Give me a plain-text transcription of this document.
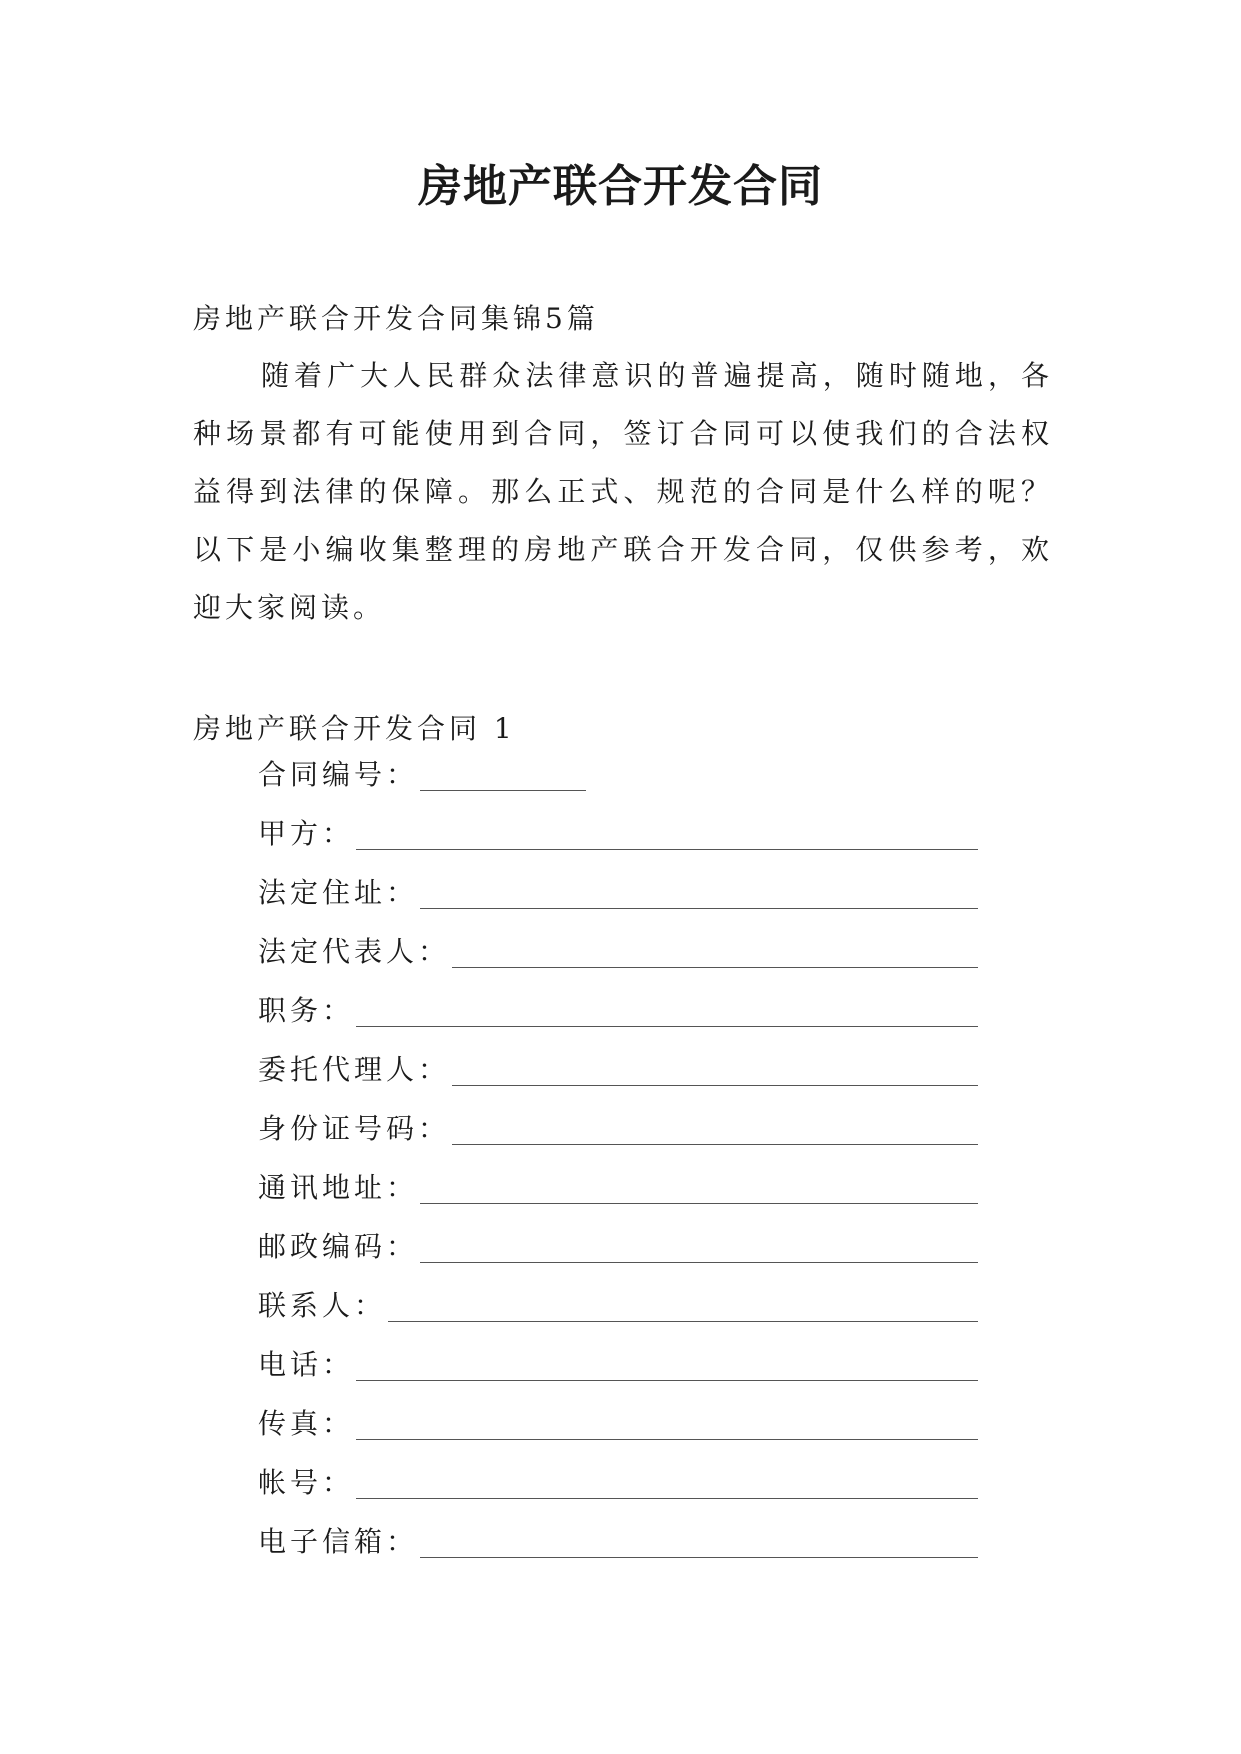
房地产联合开发合同
房地产联合开发合同集锦5篇
随着广大人民群众法律意识的普遍提高，随时随地，各种场景都有可能使用到合同，签订合同可以使我们的合法权益得到法律的保障。那么正式、规范的合同是什么样的呢？以下是小编收集整理的房地产联合开发合同，仅供参考，欢迎大家阅读。
房地产联合开发合同 1
合同编号：
甲方：
法定住址：
法定代表人：
职务：
委托代理人：
身份证号码：
通讯地址：
邮政编码：
联系人：
电话：
传真：
帐号：
电子信箱：
